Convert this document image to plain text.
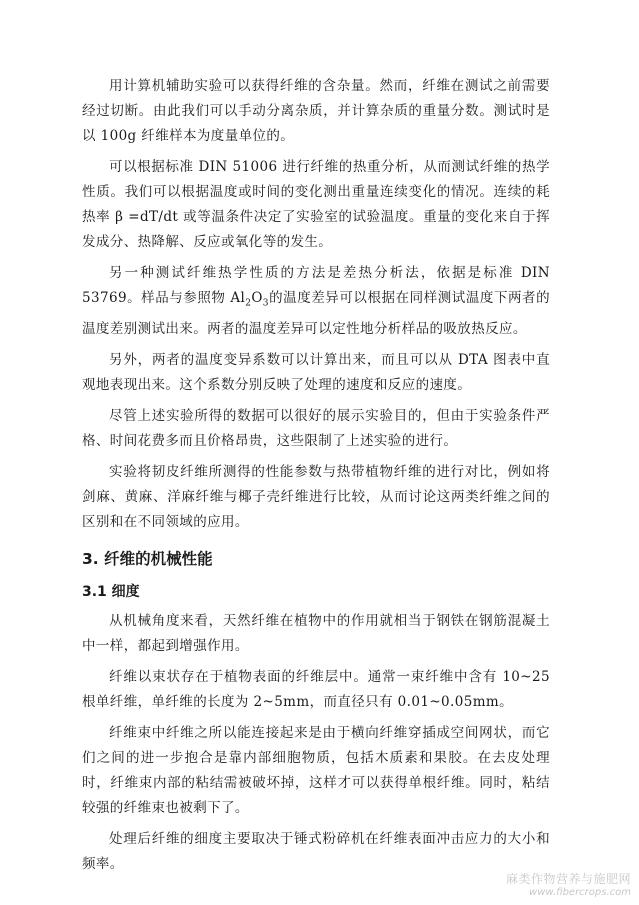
用计算机辅助实验可以获得纤维的含杂量。然而，纤维在测试之前需要经过切断。由此我们可以手动分离杂质，并计算杂质的重量分数。测试时是以 100g 纤维样本为度量单位的。

可以根据标准 DIN 51006 进行纤维的热重分析，从而测试纤维的热学性质。我们可以根据温度或时间的变化测出重量连续变化的情况。连续的耗热率 β =dT/dt 或等温条件决定了实验室的试验温度。重量的变化来自于挥发成分、热降解、反应或氧化等的发生。

另一种测试纤维热学性质的方法是差热分析法，依据是标准 DIN 53769。样品与参照物 $Al_2O_3$的温度差异可以根据在同样测试温度下两者的温度差别测试出来。两者的温度差异可以定性地分析样品的吸放热反应。

另外，两者的温度变异系数可以计算出来，而且可以从 DTA 图表中直观地表现出来。这个系数分别反映了处理的速度和反应的速度。

尽管上述实验所得的数据可以很好的展示实验目的，但由于实验条件严格、时间花费多而且价格昂贵，这些限制了上述实验的进行。

实验将韧皮纤维所测得的性能参数与热带植物纤维的进行对比，例如将剑麻、黄麻、洋麻纤维与椰子壳纤维进行比较，从而讨论这两类纤维之间的区别和在不同领域的应用。

3. 纤维的机械性能
3.1 细度

从机械角度来看，天然纤维在植物中的作用就相当于钢铁在钢筋混凝土中一样，都起到增强作用。

纤维以束状存在于植物表面的纤维层中。通常一束纤维中含有 10~25 根单纤维，单纤维的长度为 2~5mm，而直径只有 0.01~0.05mm。

纤维束中纤维之所以能连接起来是由于横向纤维穿插成空间网状，而它们之间的进一步抱合是靠内部细胞物质，包括木质素和果胶。在去皮处理时，纤维束内部的粘结需被破坏掉，这样才可以获得单根纤维。同时，粘结较强的纤维束也被剩下了。

处理后纤维的细度主要取决于锤式粉碎机在纤维表面冲击应力的大小和频率。

麻类作物营养与施肥网
www.fibercrops.com
